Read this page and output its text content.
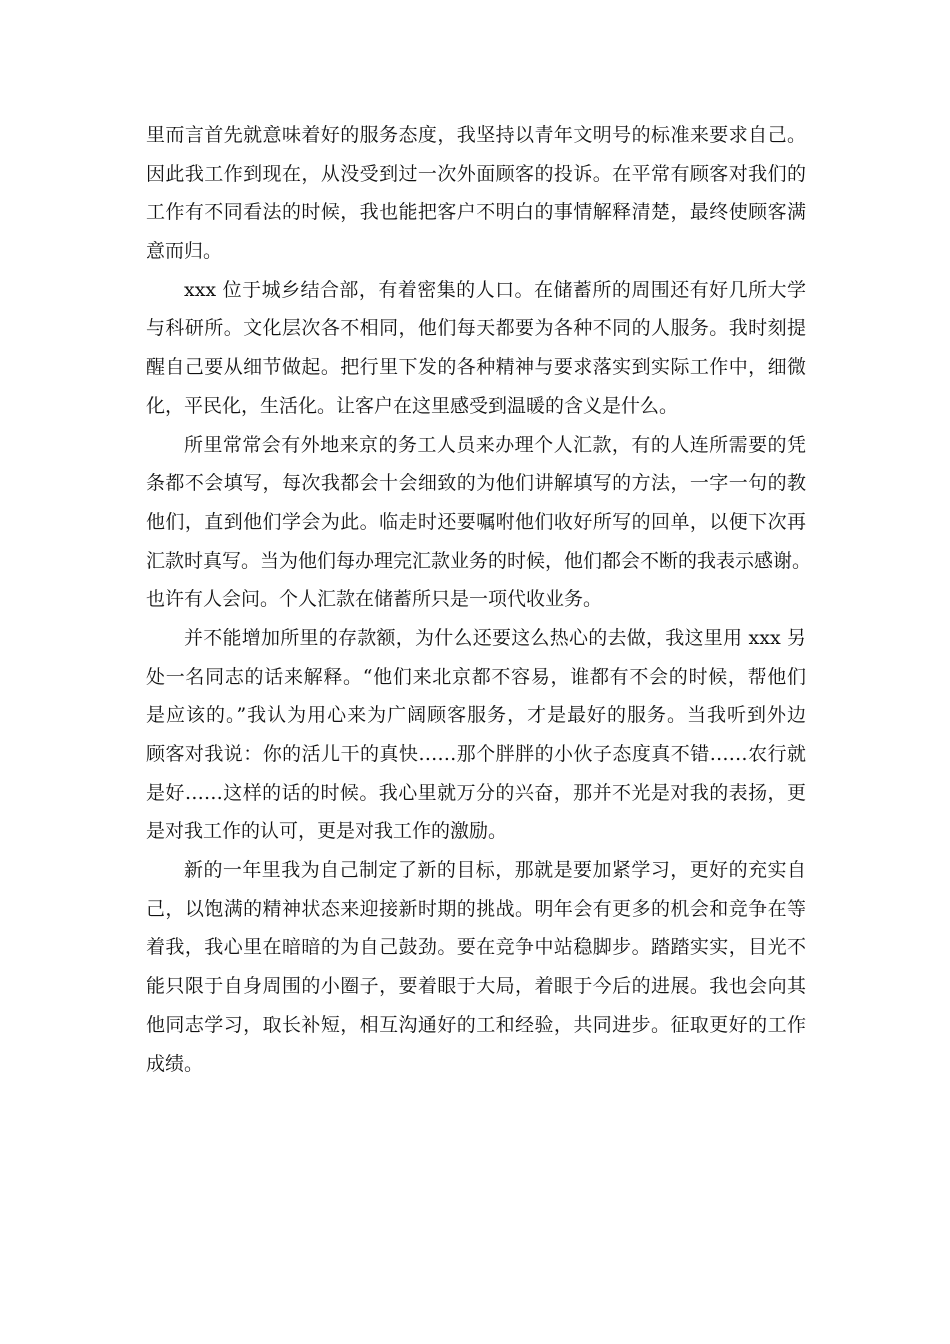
里而言首先就意味着好的服务态度，我坚持以青年文明号的标准来要求自己。
因此我工作到现在，从没受到过一次外面顾客的投诉。在平常有顾客对我们的
工作有不同看法的时候，我也能把客户不明白的事情解释清楚，最终使顾客满
意而归。
xxx 位于城乡结合部，有着密集的人口。在储蓄所的周围还有好几所大学
与科研所。文化层次各不相同，他们每天都要为各种不同的人服务。我时刻提
醒自己要从细节做起。把行里下发的各种精神与要求落实到实际工作中，细微
化，平民化，生活化。让客户在这里感受到温暖的含义是什么。
所里常常会有外地来京的务工人员来办理个人汇款，有的人连所需要的凭
条都不会填写，每次我都会十会细致的为他们讲解填写的方法，一字一句的教
他们，直到他们学会为此。临走时还要嘱咐他们收好所写的回单，以便下次再
汇款时真写。当为他们每办理完汇款业务的时候，他们都会不断的我表示感谢。
也许有人会问。个人汇款在储蓄所只是一项代收业务。
并不能增加所里的存款额，为什么还要这么热心的去做，我这里用 xxx 另
处一名同志的话来解释。“他们来北京都不容易，谁都有不会的时候，帮他们
是应该的。”我认为用心来为广阔顾客服务，才是最好的服务。当我听到外边
顾客对我说：你的活儿干的真快……那个胖胖的小伙子态度真不错……农行就
是好……这样的话的时候。我心里就万分的兴奋，那并不光是对我的表扬，更
是对我工作的认可，更是对我工作的激励。
新的一年里我为自己制定了新的目标，那就是要加紧学习，更好的充实自
己，以饱满的精神状态来迎接新时期的挑战。明年会有更多的机会和竞争在等
着我，我心里在暗暗的为自己鼓劲。要在竞争中站稳脚步。踏踏实实，目光不
能只限于自身周围的小圈子，要着眼于大局，着眼于今后的进展。我也会向其
他同志学习，取长补短，相互沟通好的工和经验，共同进步。征取更好的工作
成绩。
